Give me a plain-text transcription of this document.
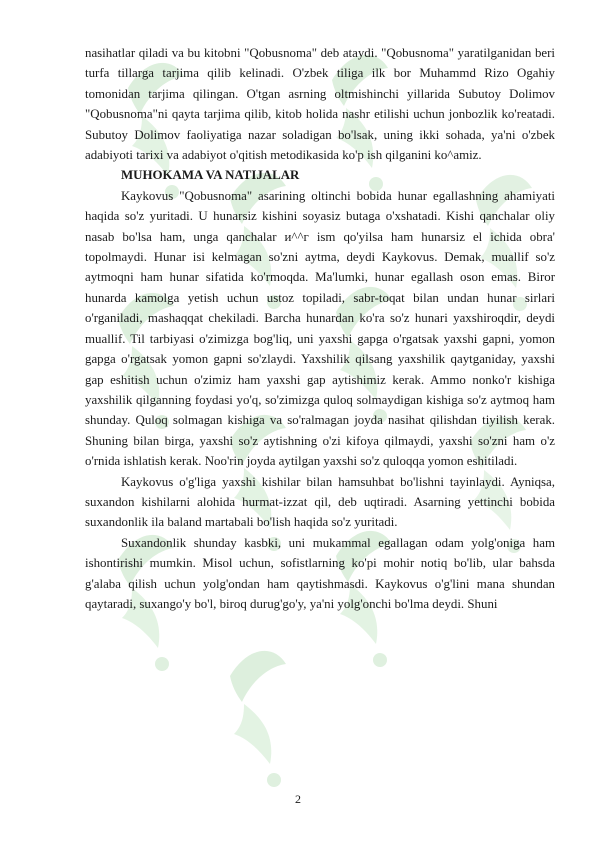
nasihatlar qiladi va bu kitobni "Qobusnoma" deb ataydi. "Qobusnoma" yaratilganidan beri turfa tillarga tarjima qilib kelinadi. O'zbek tiliga ilk bor Muhammd Rizo Ogahiy tomonidan tarjima qilingan. O'tgan asrning oltmishinchi yillarida Subutoy Dolimov "Qobusnoma"ni qayta tarjima qilib, kitob holida nashr etilishi uchun jonbozlik ko'reatadi. Subutoy Dolimov faoliyatiga nazar soladigan bo'lsak, uning ikki sohada, ya'ni o'zbek adabiyoti tarixi va adabiyot o'qitish metodikasida ko'p ish qilganini ko^amiz.

MUHOKAMA VA NATIJALAR

Kaykovus "Qobusnoma" asarining oltinchi bobida hunar egallashning ahamiyati haqida so'z yuritadi. U hunarsiz kishini soyasiz butaga o'xshatadi. Kishi qanchalar oliy nasab bo'lsa ham, unga qanchalar и^^г ism qo'yilsa ham hunarsiz el ichida obra' topolmaydi. Hunar isi kelmagan so'zni aytma, deydi Kaykovus. Demak, muallif so'z aytmoqni ham hunar sifatida ko'rmoqda. Ma'lumki, hunar egallash oson emas. Biror hunarda kamolga yetish uchun ustoz topiladi, sabr-toqat bilan undan hunar sirlari o'rganiladi, mashaqqat chekiladi. Barcha hunardan ko'ra so'z hunari yaxshiroqdir, deydi muallif. Til tarbiyasi o'zimizga bog'liq, uni yaxshi gapga o'rgatsak yaxshi gapni, yomon gapga o'rgatsak yomon gapni so'zlaydi. Yaxshilik qilsang yaxshilik qaytganiday, yaxshi gap eshitish uchun o'zimiz ham yaxshi gap aytishimiz kerak. Ammo nonko'r kishiga yaxshilik qilganning foydasi yo'q, so'zimizga quloq solmaydigan kishiga so'z aytmoq ham shunday. Quloq solmagan kishiga va so'ralmagan joyda nasihat qilishdan tiyilish kerak. Shuning bilan birga, yaxshi so'z aytishning o'zi kifoya qilmaydi, yaxshi so'zni ham o'z o'rnida ishlatish kerak. Noo'rin joyda aytilgan yaxshi so'z quloqqa yomon eshitiladi.

Kaykovus o'g'liga yaxshi kishilar bilan hamsuhbat bo'lishni tayinlaydi. Ayniqsa, suxandon kishilarni alohida hurmat-izzat qil, deb uqtiradi. Asarning yettinchi bobida suxandonlik ila baland martabali bo'lish haqida so'z yuritadi.

Suxandonlik shunday kasbki, uni mukammal egallagan odam yolg'oniga ham ishontirishi mumkin. Misol uchun, sofistlarning ko'pi mohir notiq bo'lib, ular bahsda g'alaba qilish uchun yolg'ondan ham qaytishmasdi. Kaykovus o'g'lini mana shundan qaytaradi, suxango'y bo'l, biroq durug'go'y, ya'ni yolg'onchi bo'lma deydi. Shuni

2
